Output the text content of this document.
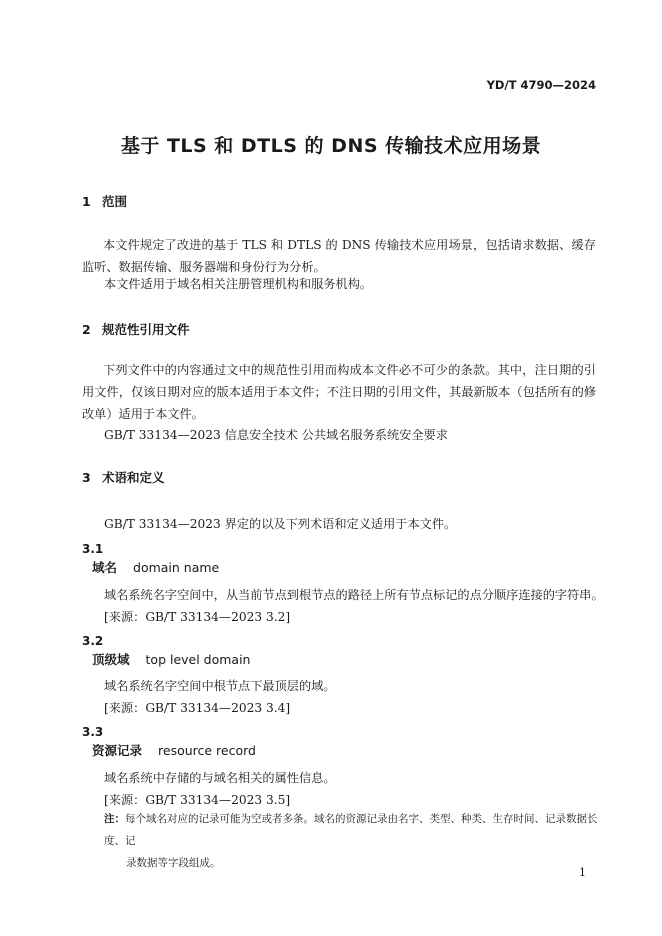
YD/T 4790—2024
基于 TLS 和 DTLS 的 DNS 传输技术应用场景
1 范围
本文件规定了改进的基于 TLS 和 DTLS 的 DNS 传输技术应用场景，包括请求数据、缓存监听、数据传输、服务器端和身份行为分析。
本文件适用于域名相关注册管理机构和服务机构。
2 规范性引用文件
下列文件中的内容通过文中的规范性引用而构成本文件必不可少的条款。其中，注日期的引用文件，仅该日期对应的版本适用于本文件；不注日期的引用文件，其最新版本（包括所有的修改单）适用于本文件。
GB/T 33134—2023 信息安全技术 公共域名服务系统安全要求
3 术语和定义
GB/T 33134—2023 界定的以及下列术语和定义适用于本文件。
3.1
域名 domain name
域名系统名字空间中，从当前节点到根节点的路径上所有节点标记的点分顺序连接的字符串。
[来源：GB/T 33134—2023 3.2]
3.2
顶级域 top level domain
域名系统名字空间中根节点下最顶层的域。
[来源：GB/T 33134—2023 3.4]
3.3
资源记录 resource record
域名系统中存储的与域名相关的属性信息。
[来源：GB/T 33134—2023 3.5]
注：每个域名对应的记录可能为空或者多条。域名的资源记录由名字、类型、种类、生存时间、记录数据长度、记
录数据等字段组成。
1
